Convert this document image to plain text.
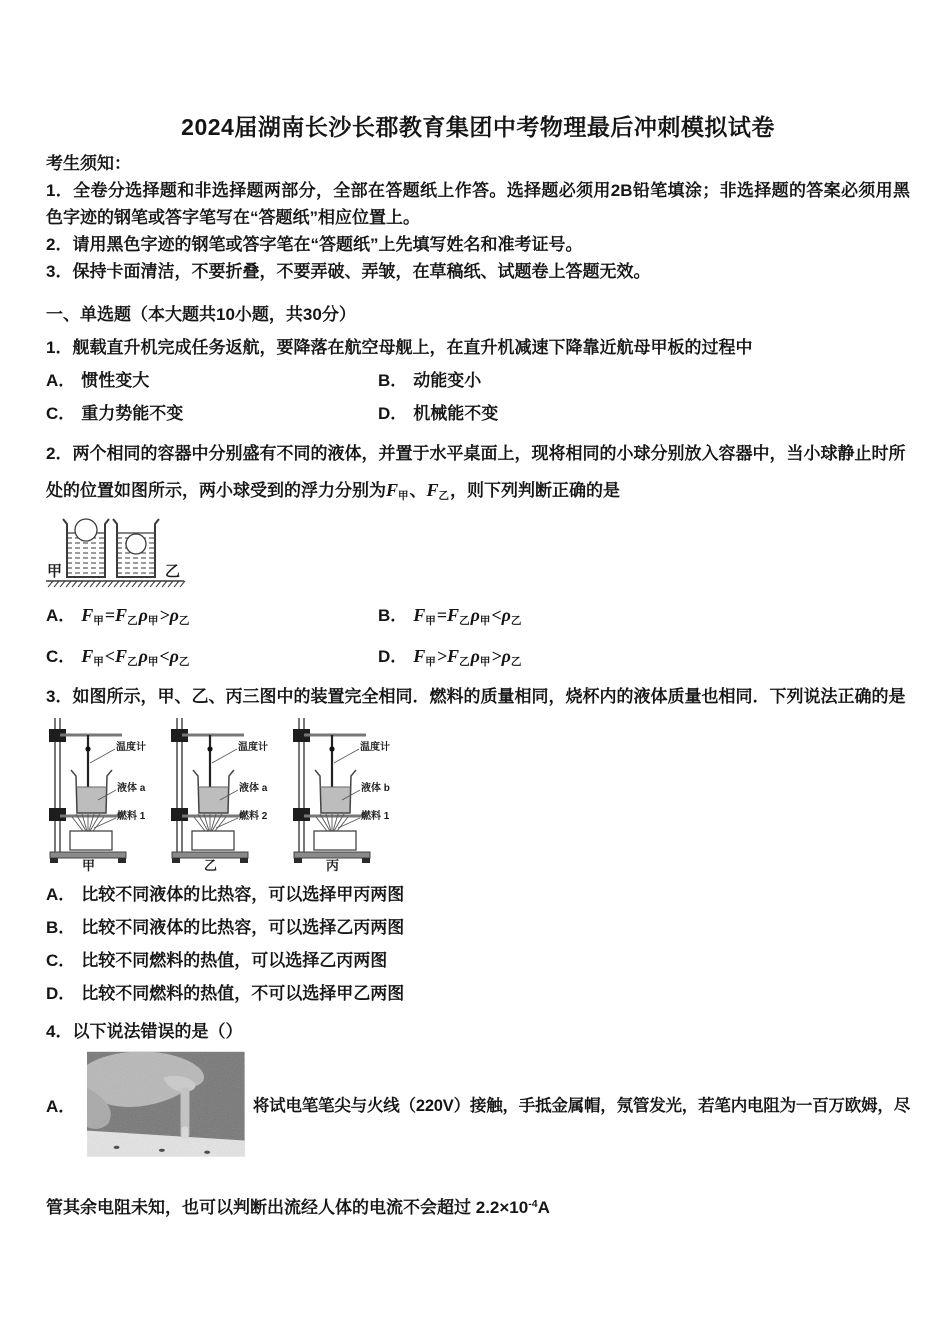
2024届湖南长沙长郡教育集团中考物理最后冲刺模拟试卷

考生须知：

1．全卷分选择题和非选择题两部分，全部在答题纸上作答。选择题必须用2B铅笔填涂；非选择题的答案必须用黑色字迹的钢笔或答字笔写在“答题纸”相应位置上。

2．请用黑色字迹的钢笔或答字笔在“答题纸”上先填写姓名和准考证号。

3．保持卡面清洁，不要折叠，不要弄破、弄皱，在草稿纸、试题卷上答题无效。

一、单选题（本大题共10小题，共30分）

1．舰载直升机完成任务返航，要降落在航空母舰上，在直升机减速下降靠近航母甲板的过程中

A． 惯性变大	B． 动能变小
C． 重力势能不变	D． 机械能不变

2．两个相同的容器中分别盛有不同的液体，并置于水平桌面上，现将相同的小球分别放入容器中，当小球静止时所处的位置如图所示，两小球受到的浮力分别为$F_甲$、$F_乙$，则下列判断正确的是

甲	乙
A． $F_甲=F_乙\rho_甲>\rho_乙$	B． $F_甲=F_乙\rho_甲<\rho_乙$
C． $F_甲<F_乙\rho_甲<\rho_乙$	D． $F_甲>F_乙\rho_甲>\rho_乙$

3．如图所示，甲、乙、丙三图中的装置完全相同．燃料的质量相同，烧杯内的液体质量也相同．下列说法正确的是

温度计
液体 a
燃料 1
甲
温度计
液体 a
燃料 2
乙
温度计
液体 b
燃料 1
丙

A． 比较不同液体的比热容，可以选择甲丙两图

B． 比较不同液体的比热容，可以选择乙丙两图

C． 比较不同燃料的热值，可以选择乙丙两图

D． 比较不同燃料的热值，不可以选择甲乙两图

4．以下说法错误的是（）

A．	将试电笔笔尖与火线（220V）接触，手抵金属帽，氖管发光，若笔内电阻为一百万欧姆，尽

管其余电阻未知，也可以判断出流经人体的电流不会超过 $2.2\times 10^{-4}A$
